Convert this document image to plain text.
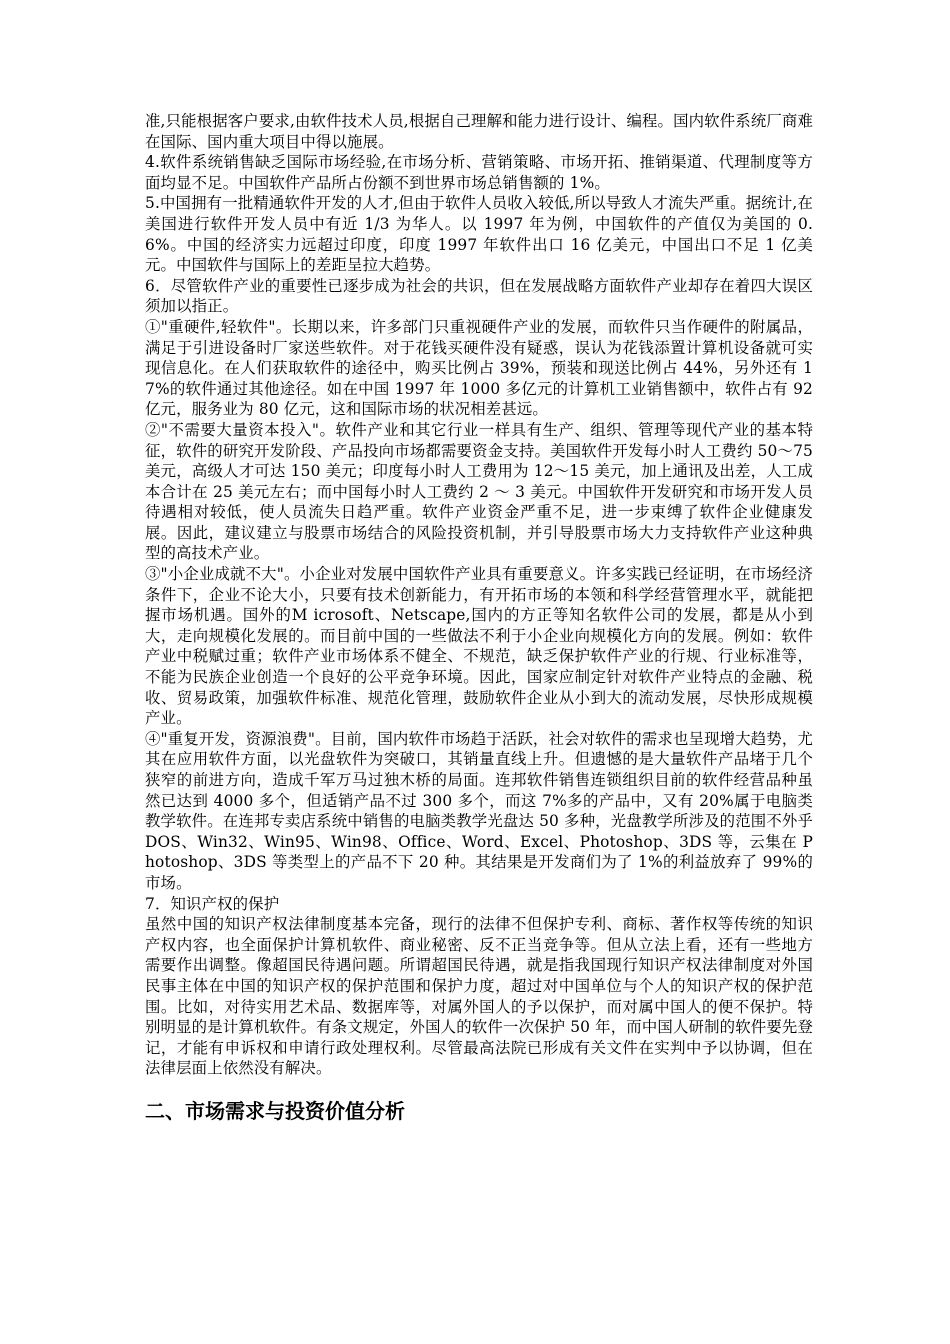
准,只能根据客户要求,由软件技术人员,根据自己理解和能力进行设计、编程。国内软件系统厂商难在国际、国内重大项目中得以施展。

4.软件系统销售缺乏国际市场经验,在市场分析、营销策略、市场开拓、推销渠道、代理制度等方面均显不足。中国软件产品所占份额不到世界市场总销售额的 1%。

5.中国拥有一批精通软件开发的人才,但由于软件人员收入较低,所以导致人才流失严重。据统计,在美国进行软件开发人员中有近 1/3 为华人。以 1997 年为例，中国软件的产值仅为美国的 0.6%。中国的经济实力远超过印度，印度 1997 年软件出口 16 亿美元，中国出口不足 1 亿美元。中国软件与国际上的差距呈拉大趋势。

6．尽管软件产业的重要性已逐步成为社会的共识，但在发展战略方面软件产业却存在着四大误区须加以指正。

①"重硬件,轻软件"。长期以来，许多部门只重视硬件产业的发展，而软件只当作硬件的附属品，满足于引进设备时厂家送些软件。对于花钱买硬件没有疑惑，误认为花钱添置计算机设备就可实现信息化。在人们获取软件的途径中，购买比例占 39%，预装和现送比例占 44%，另外还有 17%的软件通过其他途径。如在中国 1997 年 1000 多亿元的计算机工业销售额中，软件占有 92 亿元，服务业为 80 亿元，这和国际市场的状况相差甚远。

②"不需要大量资本投入"。软件产业和其它行业一样具有生产、组织、管理等现代产业的基本特征，软件的研究开发阶段、产品投向市场都需要资金支持。美国软件开发每小时人工费约 50～75 美元，高级人才可达 150 美元；印度每小时人工费用为 12～15 美元，加上通讯及出差，人工成本合计在 25 美元左右；而中国每小时人工费约 2 ～ 3 美元。中国软件开发研究和市场开发人员待遇相对较低，使人员流失日趋严重。软件产业资金严重不足，进一步束缚了软件企业健康发展。因此，建议建立与股票市场结合的风险投资机制，并引导股票市场大力支持软件产业这种典型的高技术产业。

③"小企业成就不大"。小企业对发展中国软件产业具有重要意义。许多实践已经证明，在市场经济条件下，企业不论大小，只要有技术创新能力，有开拓市场的本领和科学经营管理水平，就能把握市场机遇。国外的M icrosoft、Netscape,国内的方正等知名软件公司的发展，都是从小到大，走向规模化发展的。而目前中国的一些做法不利于小企业向规模化方向的发展。例如：软件产业中税赋过重；软件产业市场体系不健全、不规范，缺乏保护软件产业的行规、行业标准等，不能为民族企业创造一个良好的公平竞争环境。因此，国家应制定针对软件产业特点的金融、税收、贸易政策，加强软件标准、规范化管理，鼓励软件企业从小到大的流动发展，尽快形成规模产业。

④"重复开发，资源浪费"。目前，国内软件市场趋于活跃，社会对软件的需求也呈现增大趋势，尤其在应用软件方面，以光盘软件为突破口，其销量直线上升。但遗憾的是大量软件产品堵于几个狭窄的前进方向，造成千军万马过独木桥的局面。连邦软件销售连锁组织目前的软件经营品种虽然已达到 4000 多个，但适销产品不过 300 多个，而这 7%多的产品中，又有 20%属于电脑类教学软件。在连邦专卖店系统中销售的电脑类教学光盘达 50 多种，光盘教学所涉及的范围不外乎 DOS、Win32、Win95、Win98、Office、Word、Excel、Photoshop、3DS 等，云集在 Photoshop、3DS 等类型上的产品不下 20 种。其结果是开发商们为了 1%的利益放弃了 99%的市场。

7．知识产权的保护

虽然中国的知识产权法律制度基本完备，现行的法律不但保护专利、商标、著作权等传统的知识产权内容，也全面保护计算机软件、商业秘密、反不正当竞争等。但从立法上看，还有一些地方需要作出调整。像超国民待遇问题。所谓超国民待遇，就是指我国现行知识产权法律制度对外国民事主体在中国的知识产权的保护范围和保护力度，超过对中国单位与个人的知识产权的保护范围。比如，对待实用艺术品、数据库等，对属外国人的予以保护，而对属中国人的便不保护。特别明显的是计算机软件。有条文规定，外国人的软件一次保护 50 年，而中国人研制的软件要先登记，才能有申诉权和申请行政处理权利。尽管最高法院已形成有关文件在实判中予以协调，但在法律层面上依然没有解决。

二、市场需求与投资价值分析
